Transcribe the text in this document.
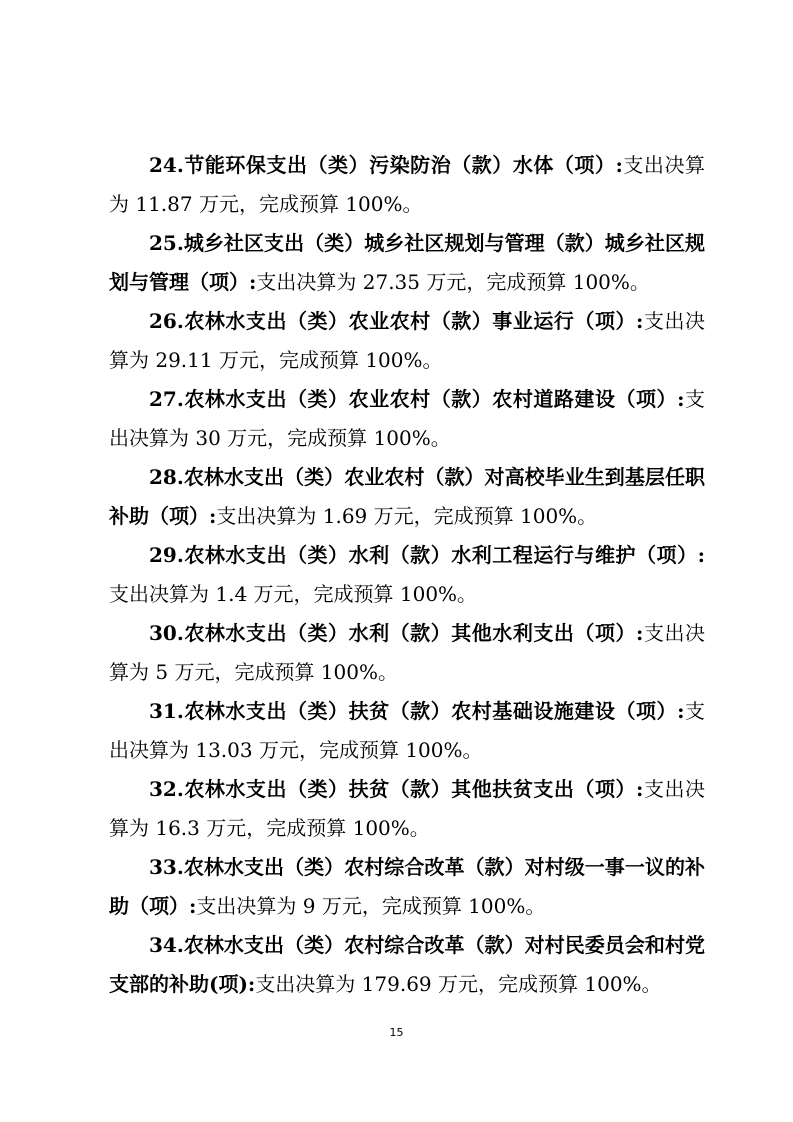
24.节能环保支出（类）污染防治（款）水体（项）:支出决算为 11.87 万元，完成预算 100%。

25.城乡社区支出（类）城乡社区规划与管理（款）城乡社区规划与管理（项）:支出决算为 27.35 万元，完成预算 100%。

26.农林水支出（类）农业农村（款）事业运行（项）:支出决算为 29.11 万元，完成预算 100%。

27.农林水支出（类）农业农村（款）农村道路建设（项）:支出决算为 30 万元，完成预算 100%。

28.农林水支出（类）农业农村（款）对高校毕业生到基层任职补助（项）:支出决算为 1.69 万元，完成预算 100%。

29.农林水支出（类）水利（款）水利工程运行与维护（项）:支出决算为 1.4 万元，完成预算 100%。

30.农林水支出（类）水利（款）其他水利支出（项）:支出决算为 5 万元，完成预算 100%。

31.农林水支出（类）扶贫（款）农村基础设施建设（项）:支出决算为 13.03 万元，完成预算 100%。

32.农林水支出（类）扶贫（款）其他扶贫支出（项）:支出决算为 16.3 万元，完成预算 100%。

33.农林水支出（类）农村综合改革（款）对村级一事一议的补助（项）:支出决算为 9 万元，完成预算 100%。

34.农林水支出（类）农村综合改革（款）对村民委员会和村党支部的补助(项):支出决算为 179.69 万元，完成预算 100%。

15
